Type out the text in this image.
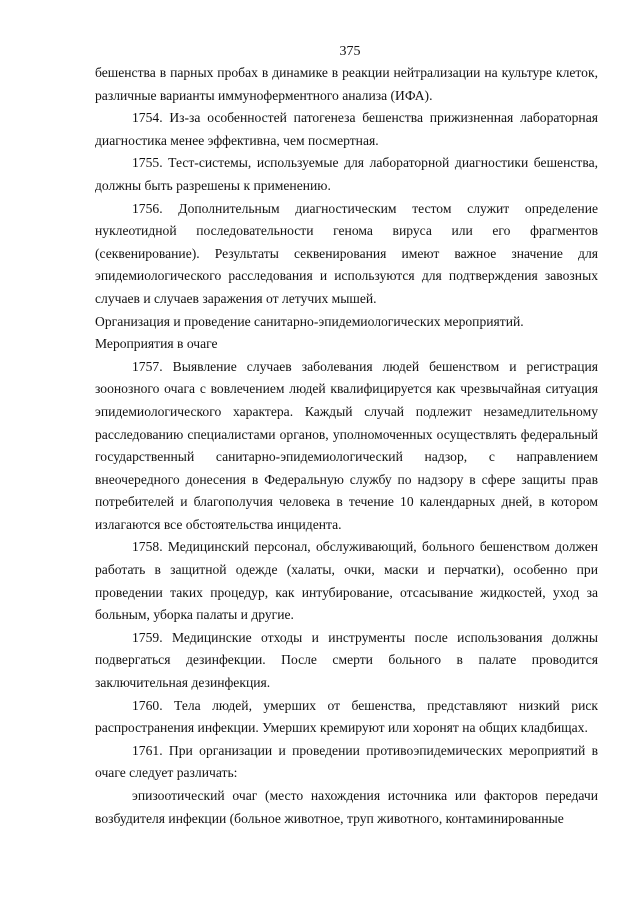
375

бешенства в парных пробах в динамике в реакции нейтрализации на культуре клеток, различные варианты иммуноферментного анализа (ИФА).

1754. Из-за особенностей патогенеза бешенства прижизненная лабораторная диагностика менее эффективна, чем посмертная.

1755. Тест-системы, используемые для лабораторной диагностики бешенства, должны быть разрешены к применению.

1756. Дополнительным диагностическим тестом служит определение нуклеотидной последовательности генома вируса или его фрагментов (секвенирование). Результаты секвенирования имеют важное значение для эпидемиологического расследования и используются для подтверждения завозных случаев и случаев заражения от летучих мышей.

Организация и проведение санитарно-эпидемиологических мероприятий.

Мероприятия в очаге

1757. Выявление случаев заболевания людей бешенством и регистрация зоонозного очага с вовлечением людей квалифицируется как чрезвычайная ситуация эпидемиологического характера. Каждый случай подлежит незамедлительному расследованию специалистами органов, уполномоченных осуществлять федеральный государственный санитарно-эпидемиологический надзор, с направлением внеочередного донесения в Федеральную службу по надзору в сфере защиты прав потребителей и благополучия человека в течение 10 календарных дней, в котором излагаются все обстоятельства инцидента.

1758. Медицинский персонал, обслуживающий, больного бешенством должен работать в защитной одежде (халаты, очки, маски и перчатки), особенно при проведении таких процедур, как интубирование, отсасывание жидкостей, уход за больным, уборка палаты и другие.

1759. Медицинские отходы и инструменты после использования должны подвергаться дезинфекции. После смерти больного в палате проводится заключительная дезинфекция.

1760. Тела людей, умерших от бешенства, представляют низкий риск распространения инфекции. Умерших кремируют или хоронят на общих кладбищах.

1761. При организации и проведении противоэпидемических мероприятий в очаге следует различать:

эпизоотический очаг (место нахождения источника или факторов передачи возбудителя инфекции (больное животное, труп животного, контаминированные
